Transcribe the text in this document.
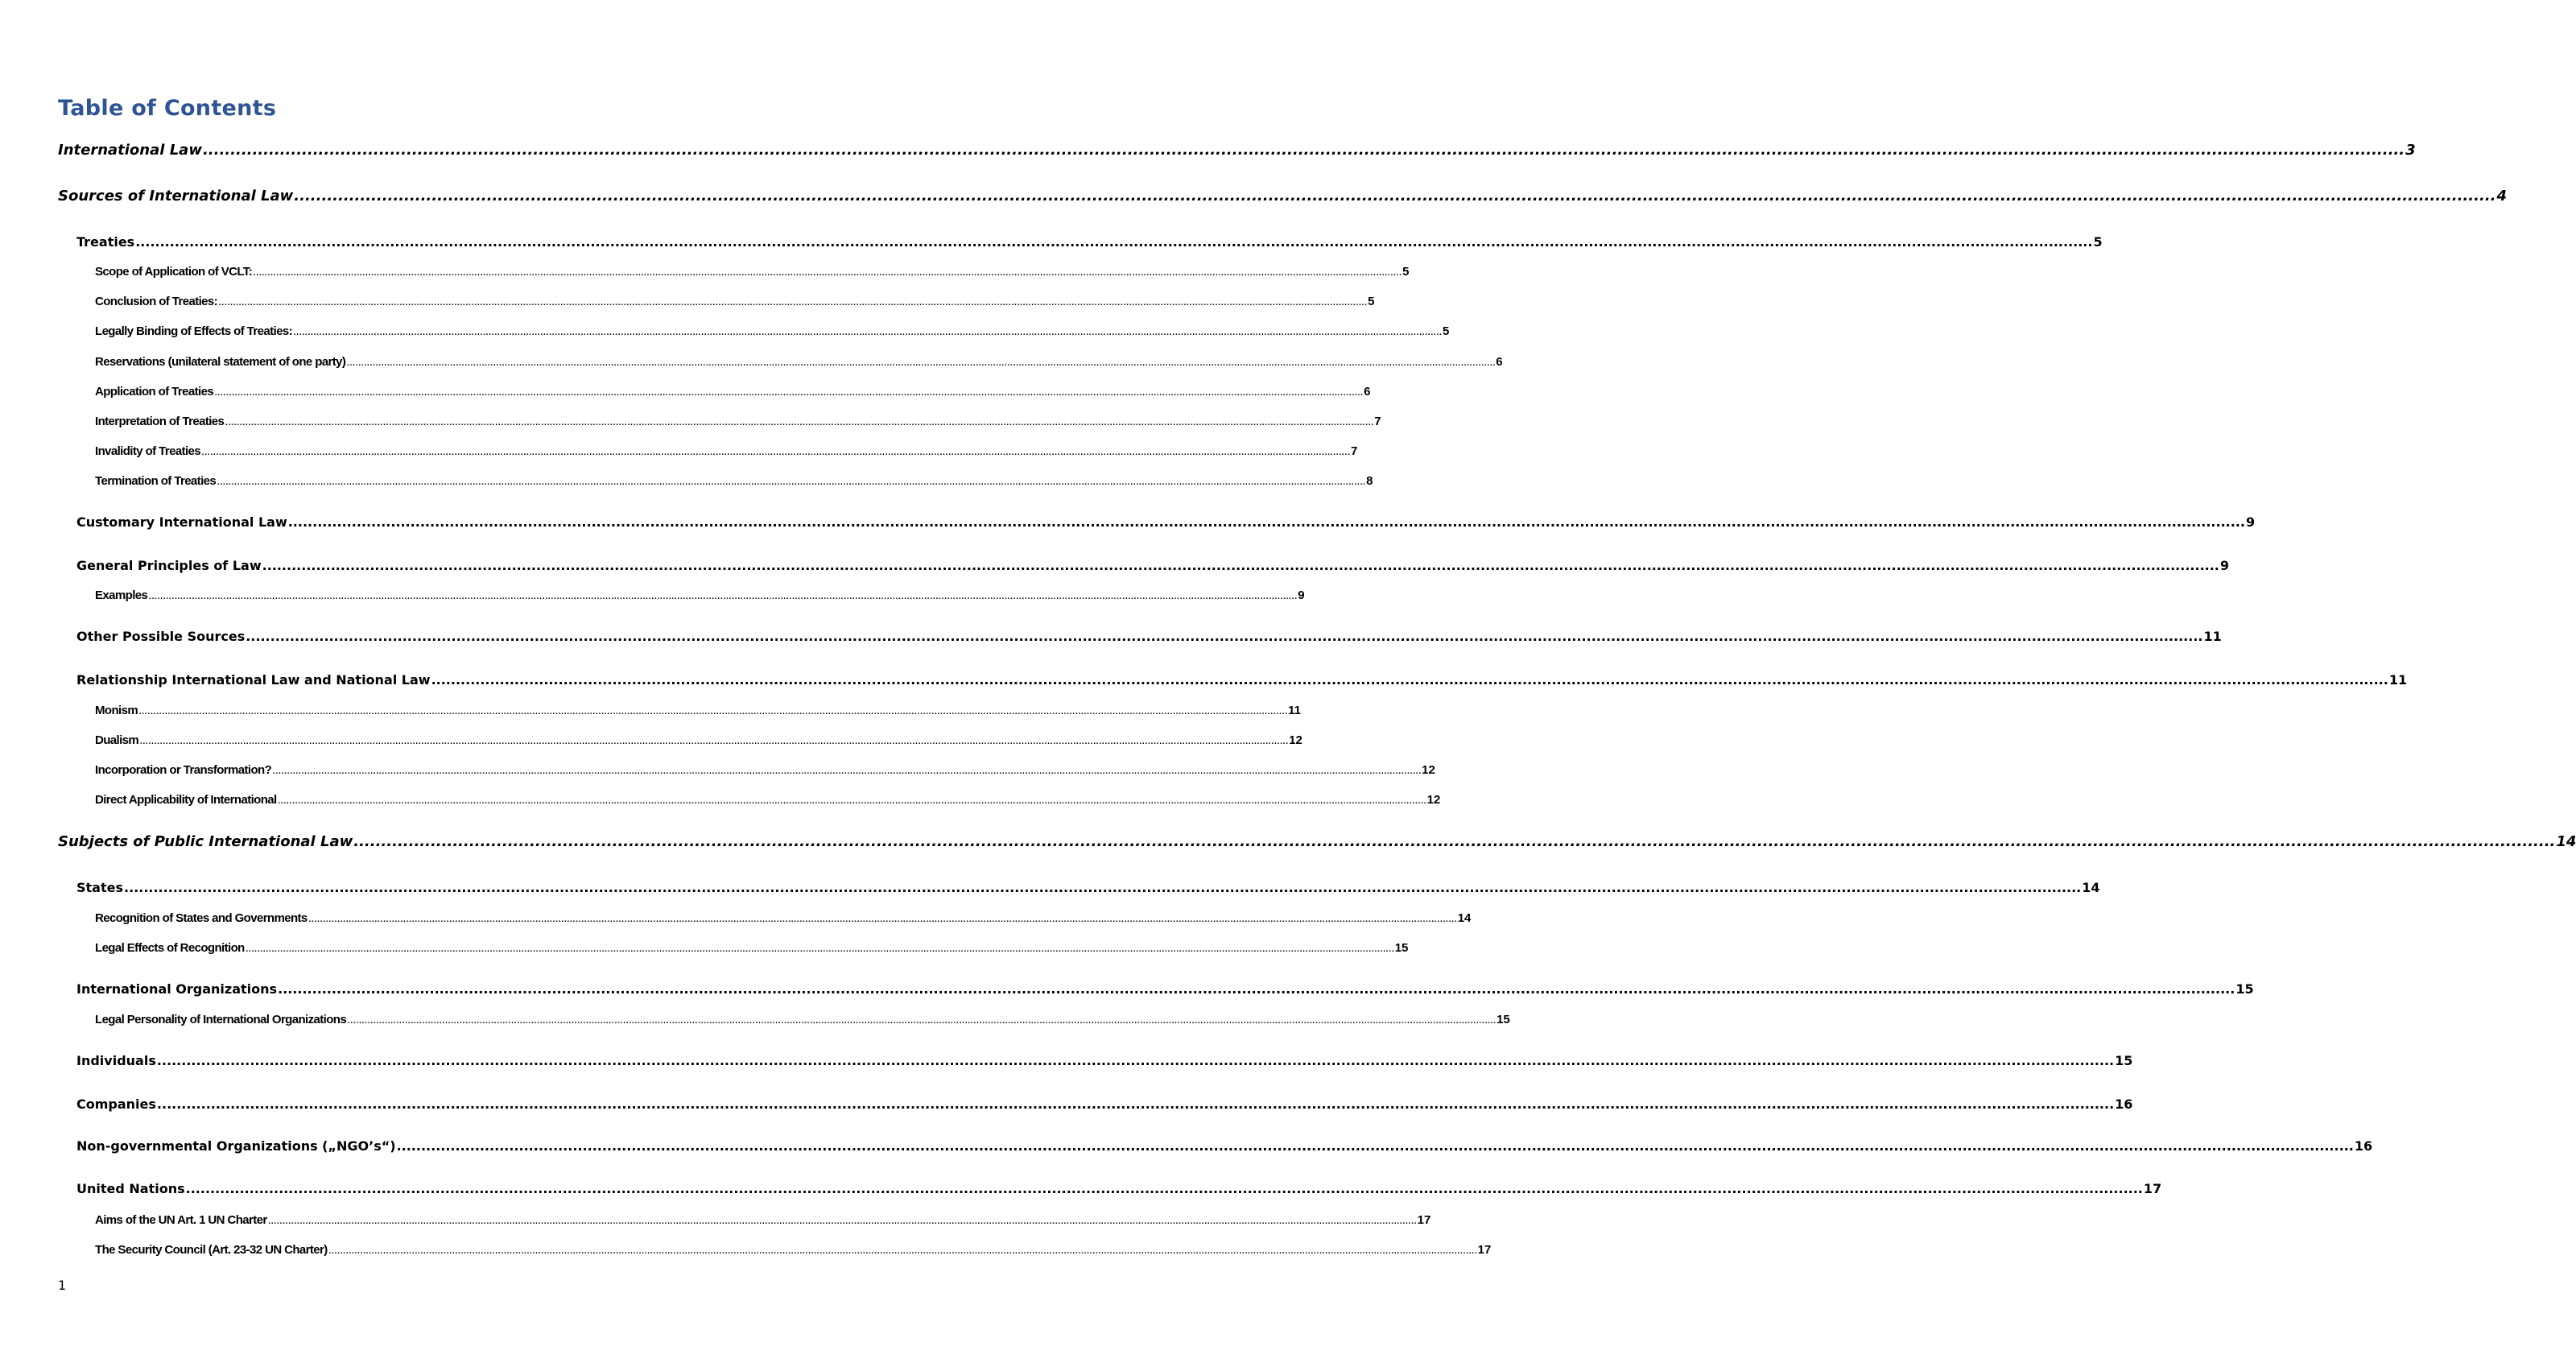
Table of Contents
International Law ................................................................................................................................................................................................................................................................................................................................................................................................................ 3
Sources of International Law ................................................................................................................................................................................................................................................................................................................................................................................................................ 4
Treaties ................................................................................................................................................................................................................................................................................................................................................................................................................ 5
Scope of Application of VCLT: ................................................................................................................................................................................................................................................................................................................................................................................................................ 5
Conclusion of Treaties: ................................................................................................................................................................................................................................................................................................................................................................................................................ 5
Legally Binding of Effects of Treaties: ................................................................................................................................................................................................................................................................................................................................................................................................................ 5
Reservations (unilateral statement of one party) ................................................................................................................................................................................................................................................................................................................................................................................................................ 6
Application of Treaties ................................................................................................................................................................................................................................................................................................................................................................................................................ 6
Interpretation of Treaties ................................................................................................................................................................................................................................................................................................................................................................................................................ 7
Invalidity of Treaties ................................................................................................................................................................................................................................................................................................................................................................................................................ 7
Termination of Treaties ................................................................................................................................................................................................................................................................................................................................................................................................................ 8
Customary International Law ................................................................................................................................................................................................................................................................................................................................................................................................................ 9
General Principles of Law ................................................................................................................................................................................................................................................................................................................................................................................................................ 9
Examples ................................................................................................................................................................................................................................................................................................................................................................................................................ 9
Other Possible Sources ................................................................................................................................................................................................................................................................................................................................................................................................................ 11
Relationship International Law and National Law ................................................................................................................................................................................................................................................................................................................................................................................................................ 11
Monism ................................................................................................................................................................................................................................................................................................................................................................................................................ 11
Dualism ................................................................................................................................................................................................................................................................................................................................................................................................................ 12
Incorporation or Transformation? ................................................................................................................................................................................................................................................................................................................................................................................................................ 12
Direct Applicability of International ................................................................................................................................................................................................................................................................................................................................................................................................................ 12
Subjects of Public International Law ................................................................................................................................................................................................................................................................................................................................................................................................................ 14
States ................................................................................................................................................................................................................................................................................................................................................................................................................ 14
Recognition of States and Governments ................................................................................................................................................................................................................................................................................................................................................................................................................ 14
Legal Effects of Recognition ................................................................................................................................................................................................................................................................................................................................................................................................................ 15
International Organizations ................................................................................................................................................................................................................................................................................................................................................................................................................ 15
Legal Personality of International Organizations ................................................................................................................................................................................................................................................................................................................................................................................................................ 15
Individuals ................................................................................................................................................................................................................................................................................................................................................................................................................ 15
Companies ................................................................................................................................................................................................................................................................................................................................................................................................................ 16
Non-governmental Organizations („NGO’s“) ................................................................................................................................................................................................................................................................................................................................................................................................................ 16
United Nations ................................................................................................................................................................................................................................................................................................................................................................................................................ 17
Aims of the UN Art. 1 UN Charter ................................................................................................................................................................................................................................................................................................................................................................................................................ 17
The Security Council (Art. 23-32 UN Charter) ................................................................................................................................................................................................................................................................................................................................................................................................................ 17
1
